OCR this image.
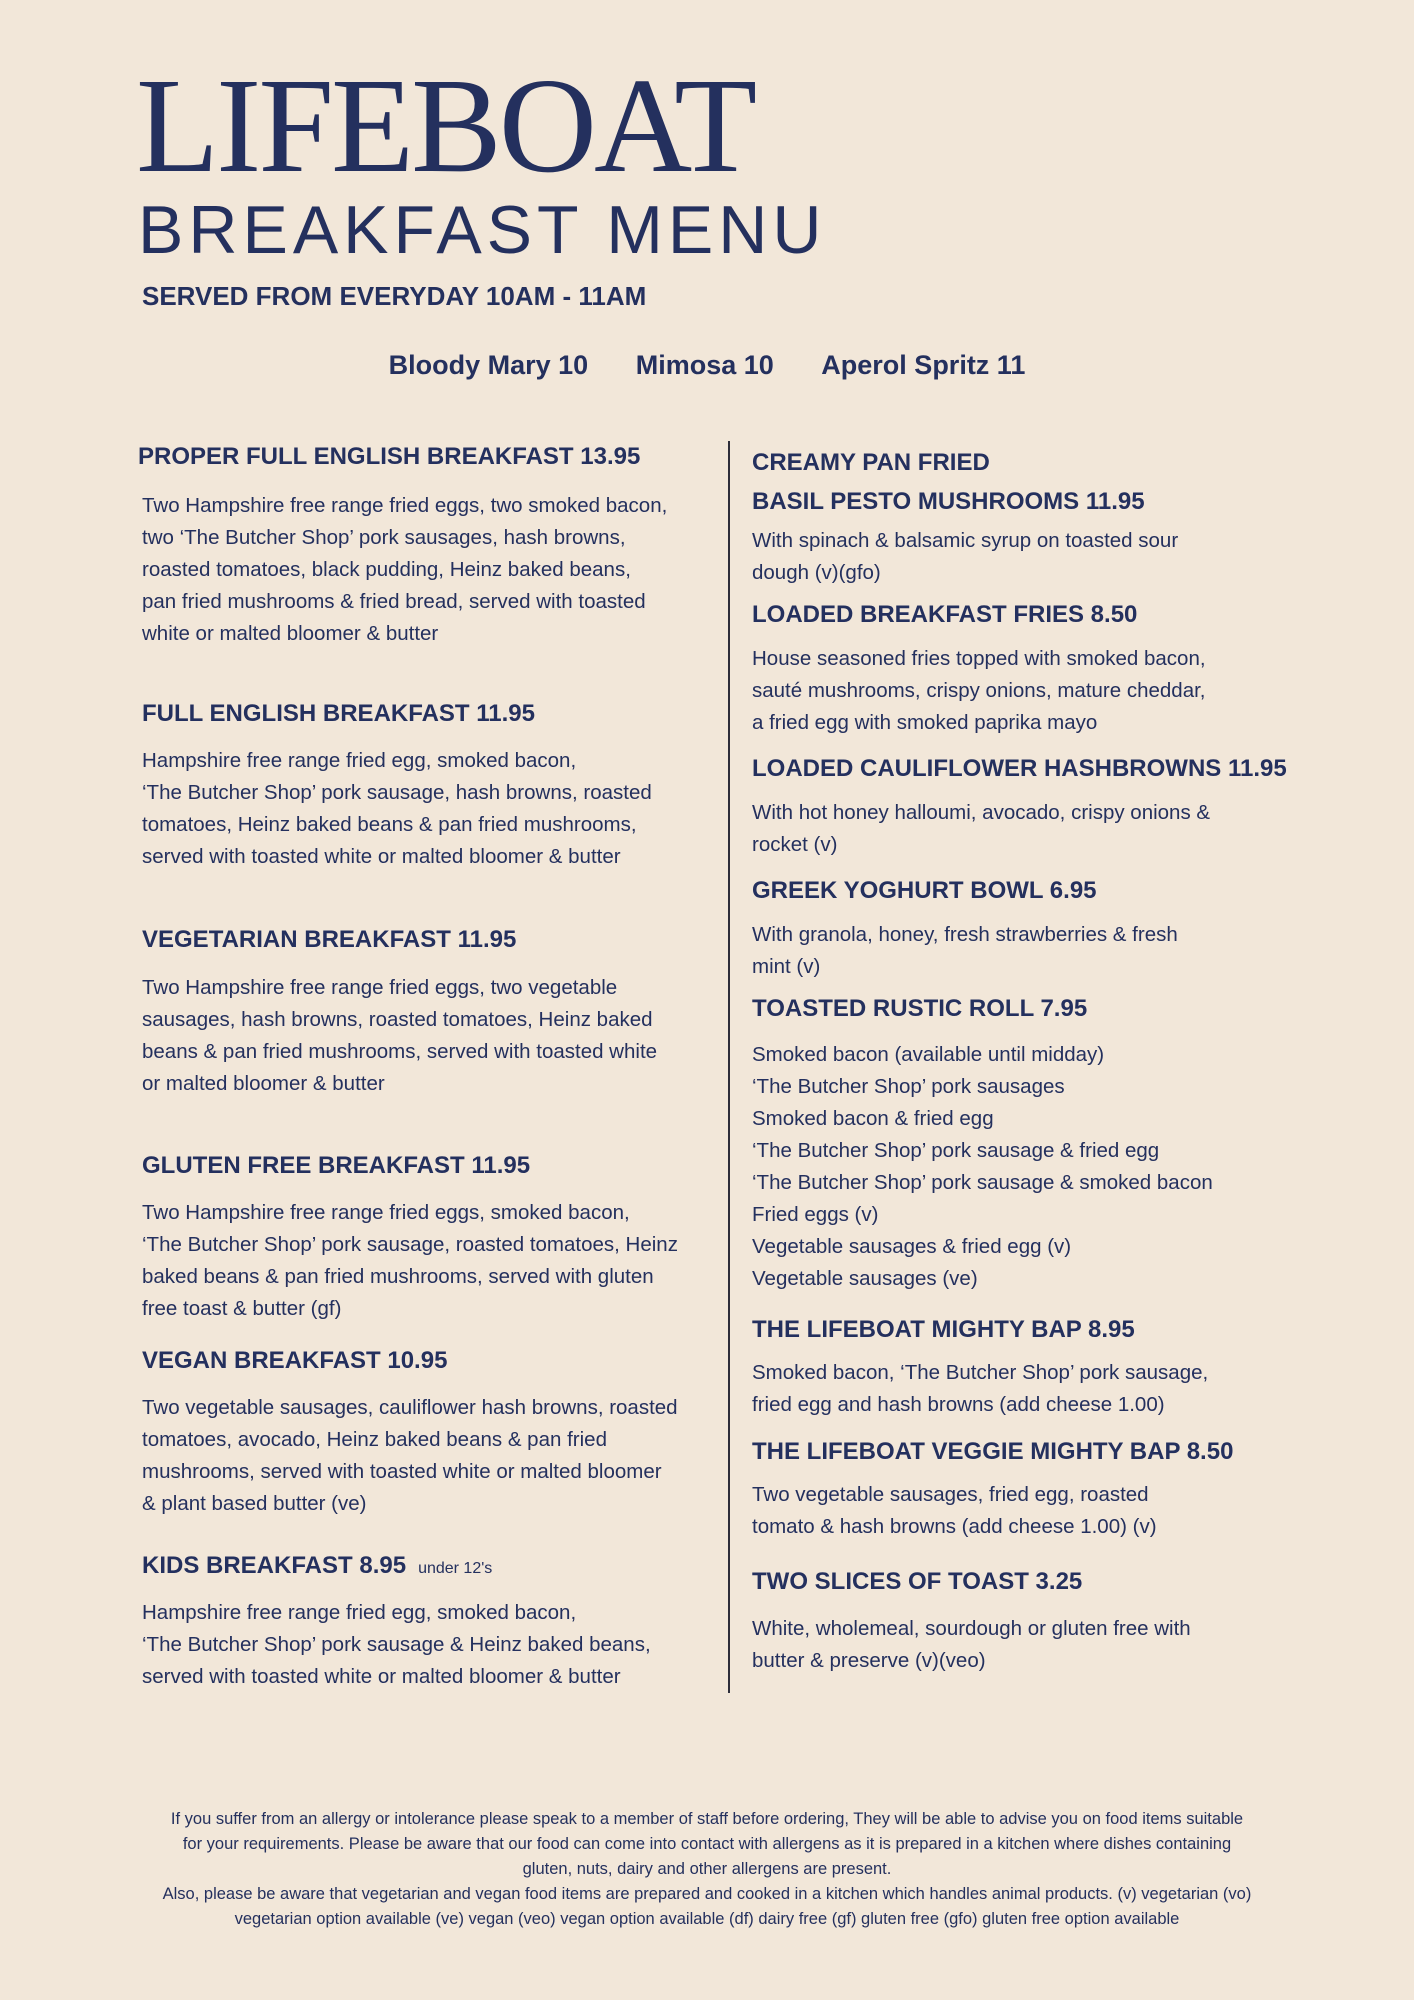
LIFEBOAT
BREAKFAST MENU

SERVED FROM EVERYDAY 10AM - 11AM

Bloody Mary 10 Mimosa 10 Aperol Spritz 11

PROPER FULL ENGLISH BREAKFAST 13.95

Two Hampshire free range fried eggs, two smoked bacon,
two ‘The Butcher Shop’ pork sausages, hash browns,
roasted tomatoes, black pudding, Heinz baked beans,
pan fried mushrooms & fried bread, served with toasted
white or malted bloomer & butter

FULL ENGLISH BREAKFAST 11.95

Hampshire free range fried egg, smoked bacon,
‘The Butcher Shop’ pork sausage, hash browns, roasted
tomatoes, Heinz baked beans & pan fried mushrooms,
served with toasted white or malted bloomer & butter

VEGETARIAN BREAKFAST 11.95

Two Hampshire free range fried eggs, two vegetable
sausages, hash browns, roasted tomatoes, Heinz baked
beans & pan fried mushrooms, served with toasted white
or malted bloomer & butter

GLUTEN FREE BREAKFAST 11.95

Two Hampshire free range fried eggs, smoked bacon,
‘The Butcher Shop’ pork sausage, roasted tomatoes, Heinz
baked beans & pan fried mushrooms, served with gluten
free toast & butter (gf)

VEGAN BREAKFAST 10.95

Two vegetable sausages, cauliflower hash browns, roasted
tomatoes, avocado, Heinz baked beans & pan fried
mushrooms, served with toasted white or malted bloomer
& plant based butter (ve)

KIDS BREAKFAST 8.95 under 12's

Hampshire free range fried egg, smoked bacon,
‘The Butcher Shop’ pork sausage & Heinz baked beans,
served with toasted white or malted bloomer & butter

CREAMY PAN FRIED
BASIL PESTO MUSHROOMS 11.95

With spinach & balsamic syrup on toasted sour
dough (v)(gfo)

LOADED BREAKFAST FRIES 8.50

House seasoned fries topped with smoked bacon,
sauté mushrooms, crispy onions, mature cheddar,
a fried egg with smoked paprika mayo

LOADED CAULIFLOWER HASHBROWNS 11.95

With hot honey halloumi, avocado, crispy onions &
rocket (v)

GREEK YOGHURT BOWL 6.95

With granola, honey, fresh strawberries & fresh
mint (v)

TOASTED RUSTIC ROLL 7.95

Smoked bacon (available until midday)
‘The Butcher Shop’ pork sausages
Smoked bacon & fried egg
‘The Butcher Shop’ pork sausage & fried egg
‘The Butcher Shop’ pork sausage & smoked bacon
Fried eggs (v)
Vegetable sausages & fried egg (v)
Vegetable sausages (ve)

THE LIFEBOAT MIGHTY BAP 8.95

Smoked bacon, ‘The Butcher Shop’ pork sausage,
fried egg and hash browns (add cheese 1.00)

THE LIFEBOAT VEGGIE MIGHTY BAP 8.50

Two vegetable sausages, fried egg, roasted
tomato & hash browns (add cheese 1.00) (v)

TWO SLICES OF TOAST 3.25

White, wholemeal, sourdough or gluten free with
butter & preserve (v)(veo)

If you suffer from an allergy or intolerance please speak to a member of staff before ordering, They will be able to advise you on food items suitable
for your requirements. Please be aware that our food can come into contact with allergens as it is prepared in a kitchen where dishes containing
gluten, nuts, dairy and other allergens are present.
Also, please be aware that vegetarian and vegan food items are prepared and cooked in a kitchen which handles animal products. (v) vegetarian (vo)
vegetarian option available (ve) vegan (veo) vegan option available (df) dairy free (gf) gluten free (gfo) gluten free option available
